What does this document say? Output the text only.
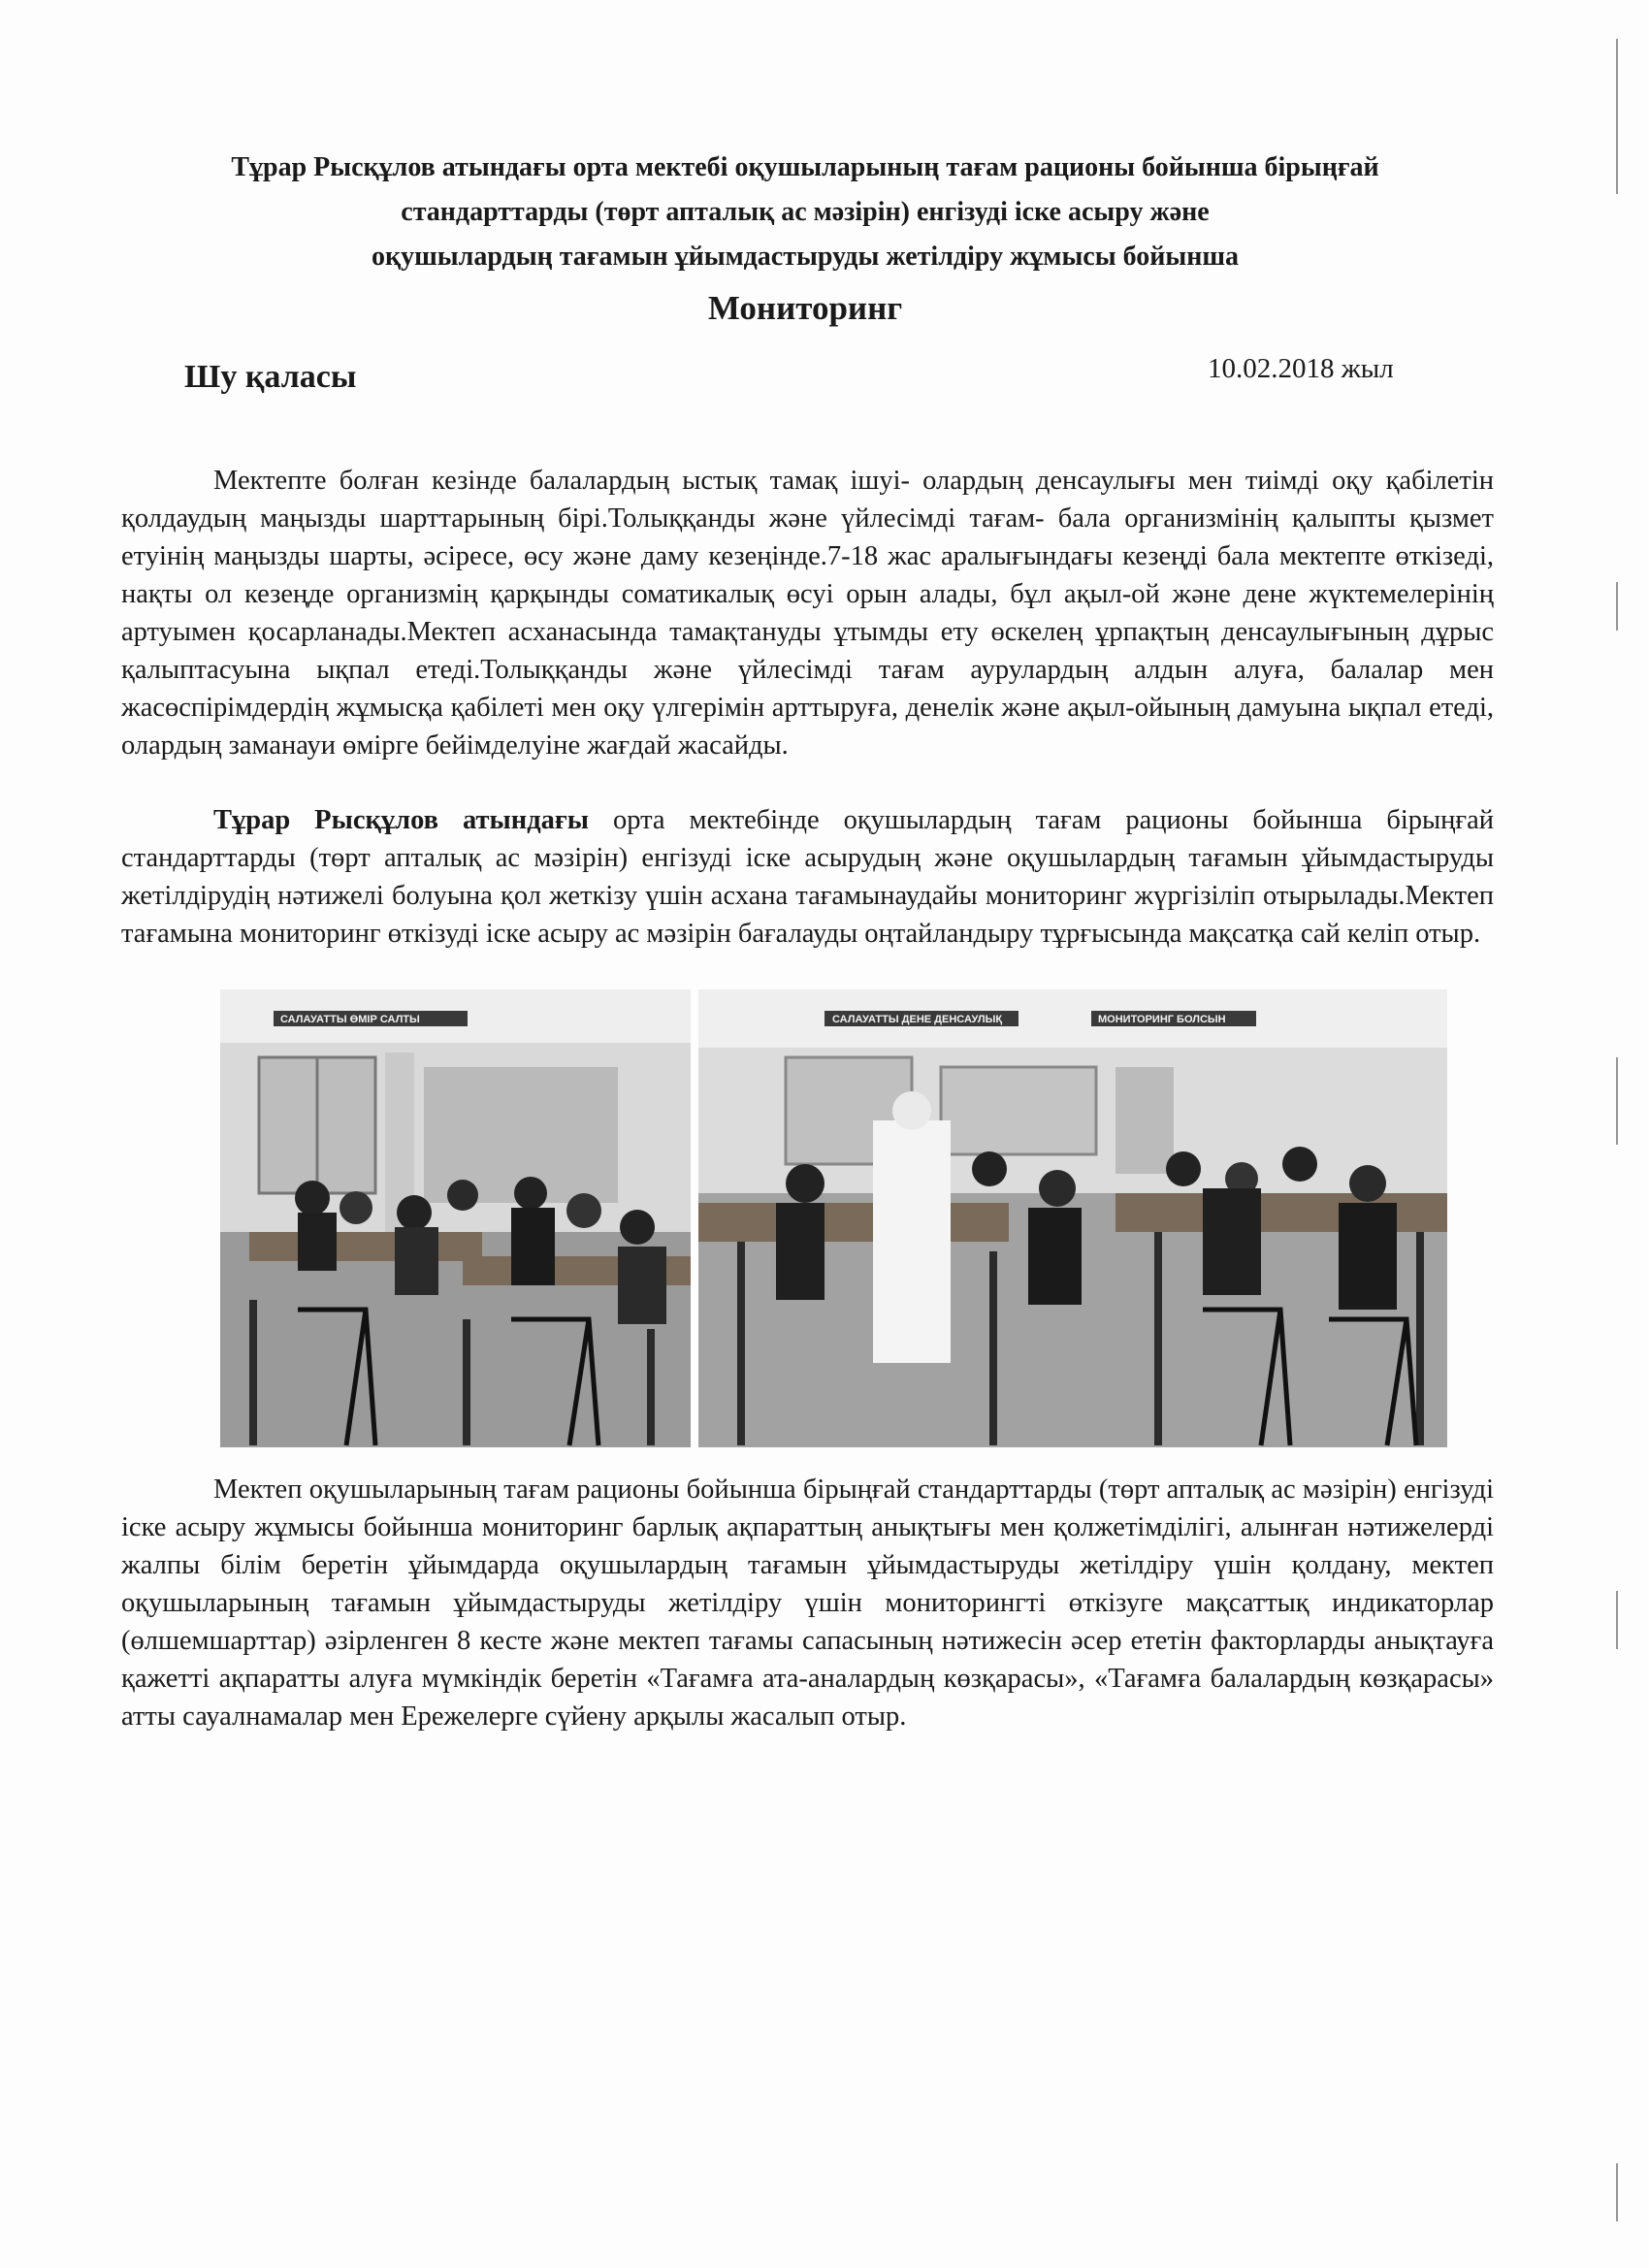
Тұрар Рысқұлов атындағы орта мектебі оқушыларының тағам рационы бойынша бірыңғай
стандарттарды (төрт апталық ас мәзірін) енгізуді іске асыру және
оқушылардың тағамын ұйымдастыруды жетілдіру жұмысы бойынша
Мониторинг
Шу қаласы	10.02.2018 жыл
Мектепте болған кезінде балалардың ыстық тамақ ішуі- олардың денсаулығы мен тиімді оқу қабілетін қолдаудың маңызды шарттарының бірі.Толыққанды және үйлесімді тағам- бала организмінің қалыпты қызмет етуінің маңызды шарты, әсіресе, өсу және даму кезеңінде.7-18 жас аралығындағы кезеңді бала мектепте өткізеді, нақты ол кезеңде организмің қарқынды соматикалық өсуі орын алады, бұл ақыл-ой және дене жүктемелерінің артуымен қосарланады.Мектеп асханасында тамақтануды ұтымды ету өскелең ұрпақтың денсаулығының дұрыс қалыптасуына ықпал етеді.Толыққанды және үйлесімді тағам аурулардың алдын алуға, балалар мен жасөспірімдердің жұмысқа қабілеті мен оқу үлгерімін арттыруға, денелік және ақыл-ойының дамуына ықпал етеді, олардың заманауи өмірге бейімделуіне жағдай жасайды.
Тұрар Рысқұлов атындағы орта мектебінде оқушылардың тағам рационы бойынша бірыңғай стандарттарды (төрт апталық ас мәзірін) енгізуді іске асырудың және оқушылардың тағамын ұйымдастыруды жетілдірудің нәтижелі болуына қол жеткізу үшін асхана тағамынаудайы мониторинг жүргізіліп отырылады.Мектеп тағамына мониторинг өткізуді іске асыру ас мәзірін бағалауды оңтайландыру тұрғысында мақсатқа сай келіп отыр.
САЛАУАТТЫ ӨМІР САЛТЫ	САЛАУАТТЫ ДЕНЕ ДЕНСАУЛЫҚ	МОНИТОРИНГ БОЛСЫН
Мектеп оқушыларының тағам рационы бойынша бірыңғай стандарттарды (төрт апталық ас мәзірін) енгізуді іске асыру жұмысы бойынша мониторинг барлық ақпараттың анықтығы мен қолжетімділігі, алынған нәтижелерді жалпы білім беретін ұйымдарда оқушылардың тағамын ұйымдастыруды жетілдіру үшін қолдану, мектеп оқушыларының тағамын ұйымдастыруды жетілдіру үшін мониторингті өткізуге мақсаттық индикаторлар (өлшемшарттар) әзірленген 8 кесте және мектеп тағамы сапасының нәтижесін әсер ететін факторларды анықтауға қажетті ақпаратты алуға мүмкіндік беретін «Тағамға ата-аналардың көзқарасы», «Тағамға балалардың көзқарасы» атты сауалнамалар мен Ережелерге сүйену арқылы жасалып отыр.
